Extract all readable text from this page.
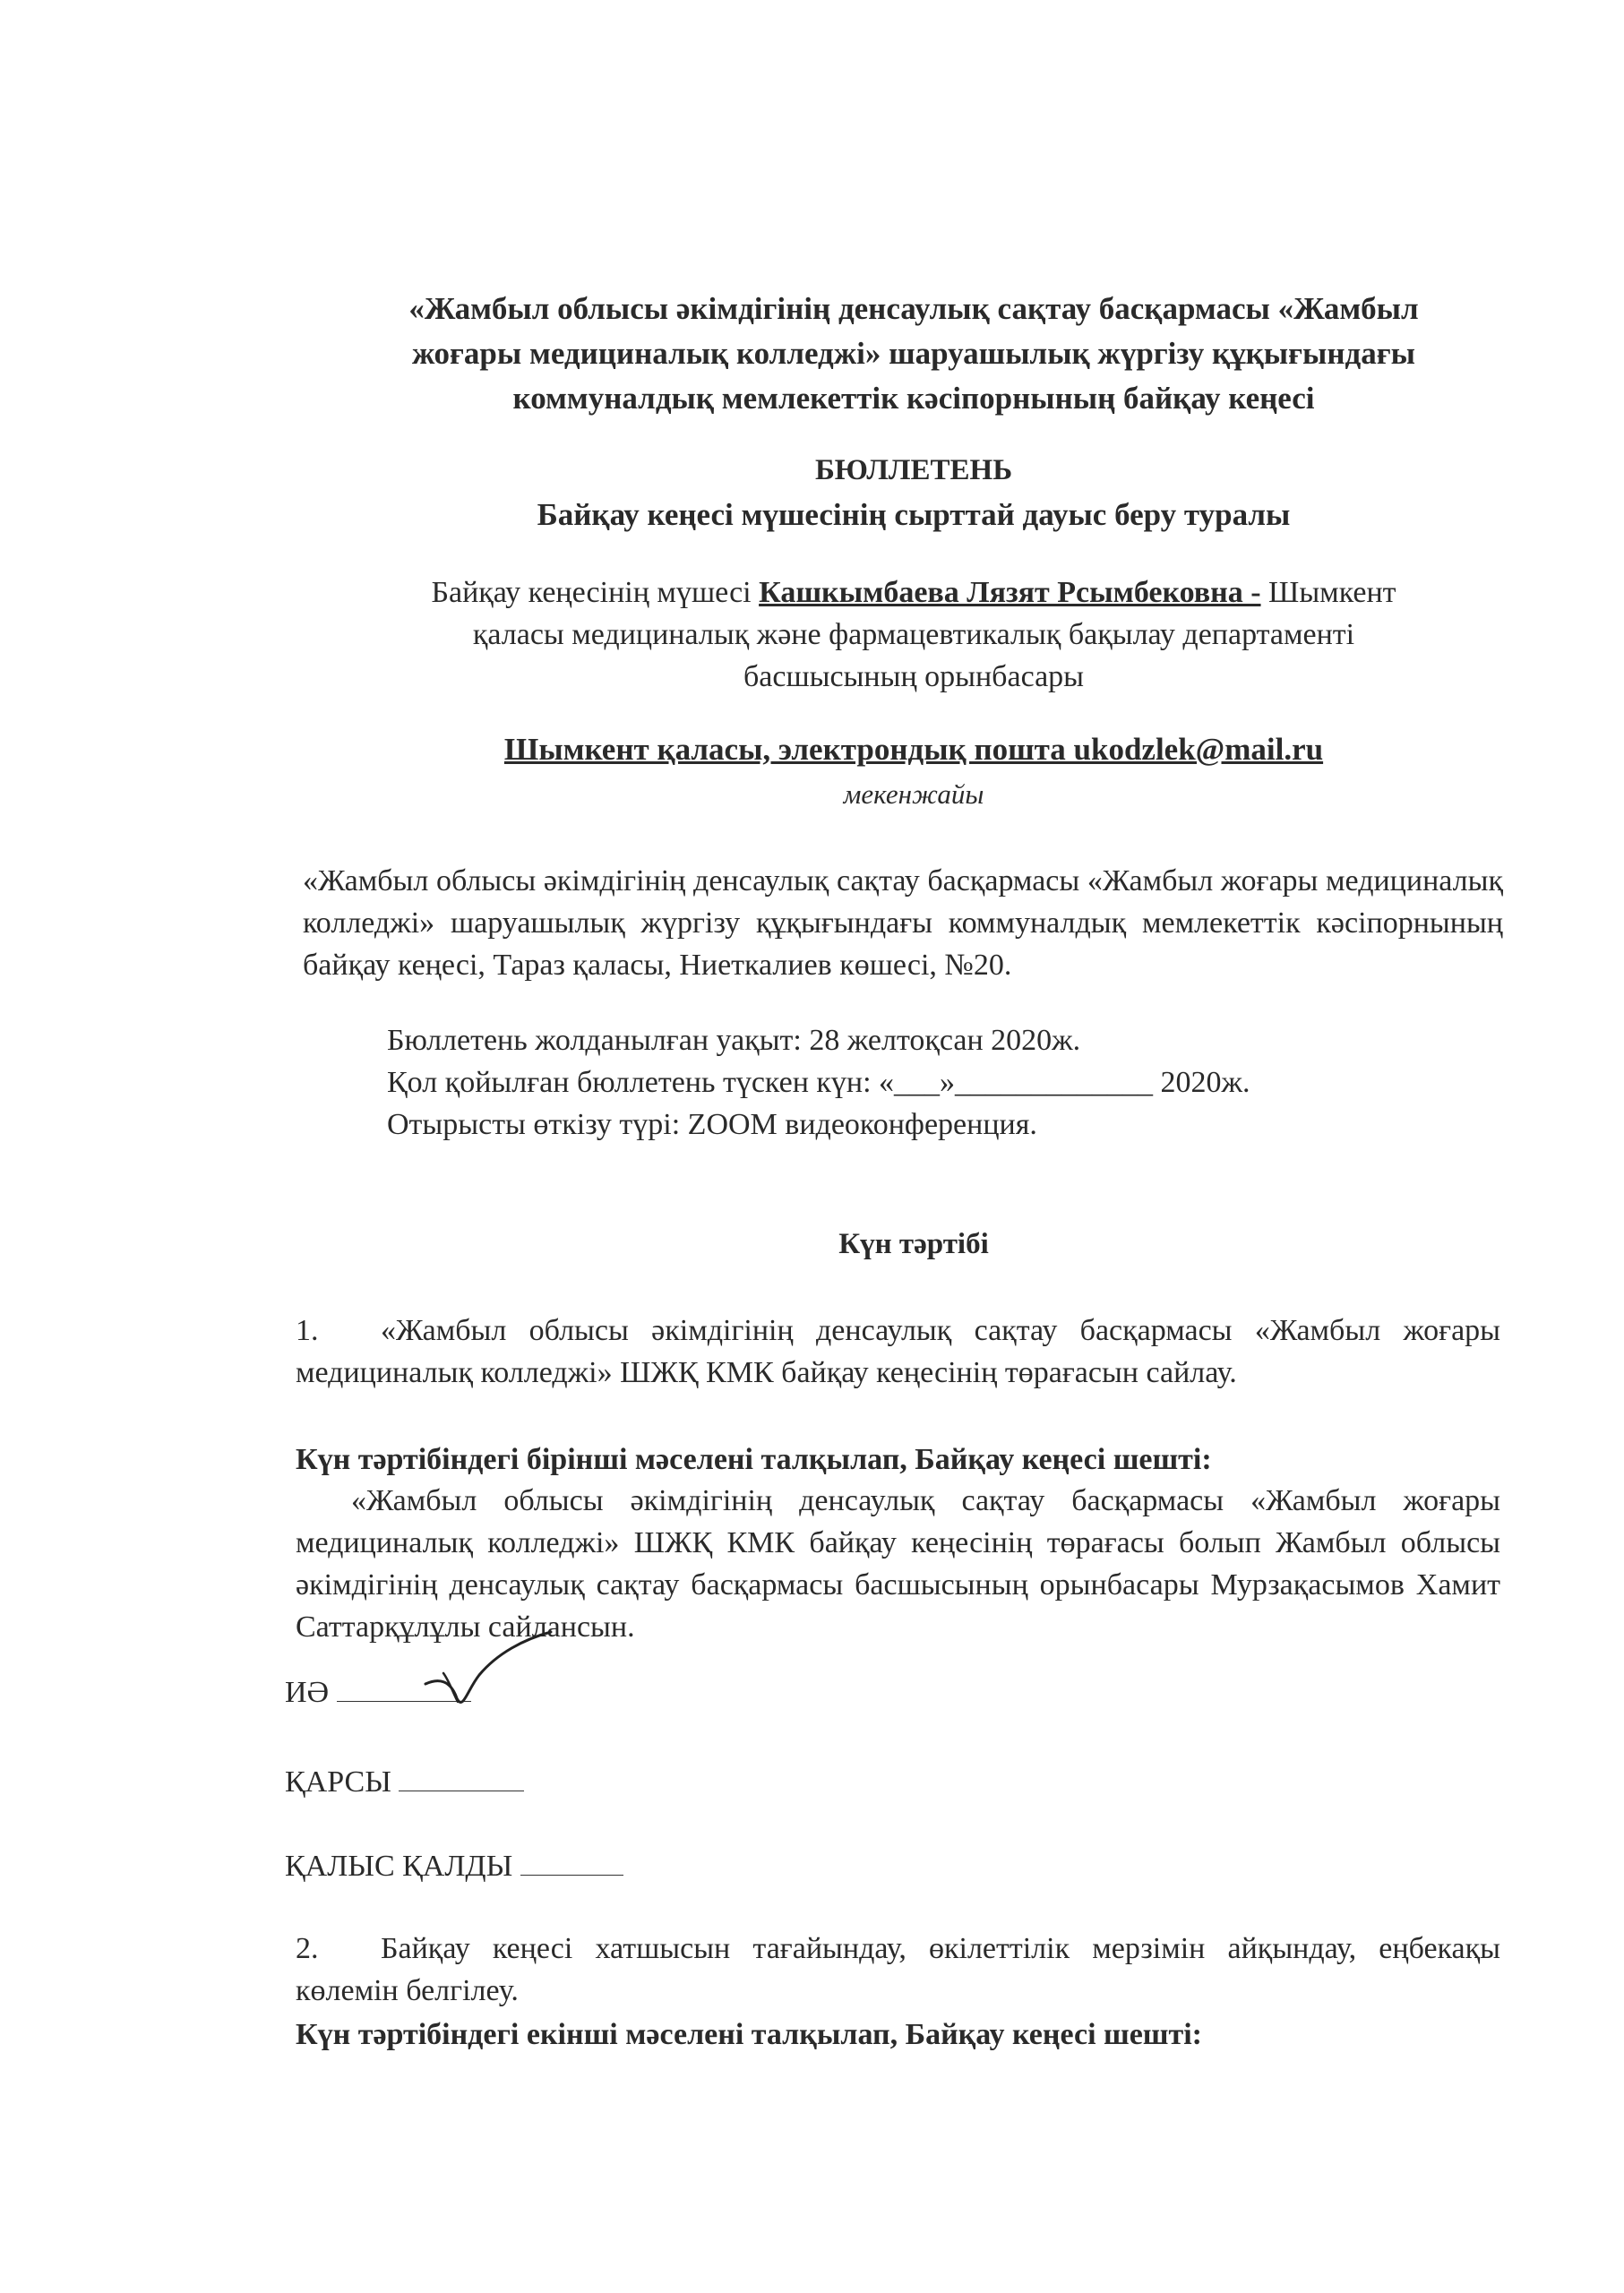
«Жамбыл облысы әкімдігінің денсаулық сақтау басқармасы «Жамбыл
жоғары медициналық колледжі» шаруашылық жүргізу құқығындағы
коммуналдық мемлекеттік кәсіпорнының байқау кеңесі
БЮЛЛЕТЕНЬ
Байқау кеңесі мүшесінің сырттай дауыс беру туралы
Байқау кеңесінің мүшесі Кашкымбаева Лязят Рсымбековна - Шымкент
қаласы медициналық және фармацевтикалық бақылау департаменті
басшысының орынбасары
Шымкент қаласы, электрондық пошта ukodzlek@mail.ru
мекенжайы
«Жамбыл облысы әкімдігінің денсаулық сақтау басқармасы «Жамбыл жоғары медициналық колледжі» шаруашылық жүргізу құқығындағы коммуналдық мемлекеттік кәсіпорнының байқау кеңесі, Тараз қаласы, Ниеткалиев көшесі, №20.
Бюллетень жолданылған уақыт: 28 желтоқсан 2020ж.
Қол қойылған бюллетень түскен күн: «___»_____________ 2020ж.
Отырысты өткізу түрі: ZOOM видеоконференция.
Күн тәртібі
1. «Жамбыл облысы әкімдігінің денсаулық сақтау басқармасы «Жамбыл жоғары медициналық колледжі» ШЖҚ КМК байқау кеңесінің төрағасын сайлау.
Күн тәртібіндегі бірінші мәселені талқылап, Байқау кеңесі шешті:
«Жамбыл облысы әкімдігінің денсаулық сақтау басқармасы «Жамбыл жоғары медициналық колледжі» ШЖҚ КМК байқау кеңесінің төрағасы болып Жамбыл облысы әкімдігінің денсаулық сақтау басқармасы басшысының орынбасары Мурзақасымов Хамит Саттарқұлұлы сайлансын.
ИӘ
ҚАРСЫ
ҚАЛЫС ҚАЛДЫ
2. Байқау кеңесі хатшысын тағайындау, өкілеттілік мерзімін айқындау, еңбекақы көлемін белгілеу.
Күн тәртібіндегі екінші мәселені талқылап, Байқау кеңесі шешті:
